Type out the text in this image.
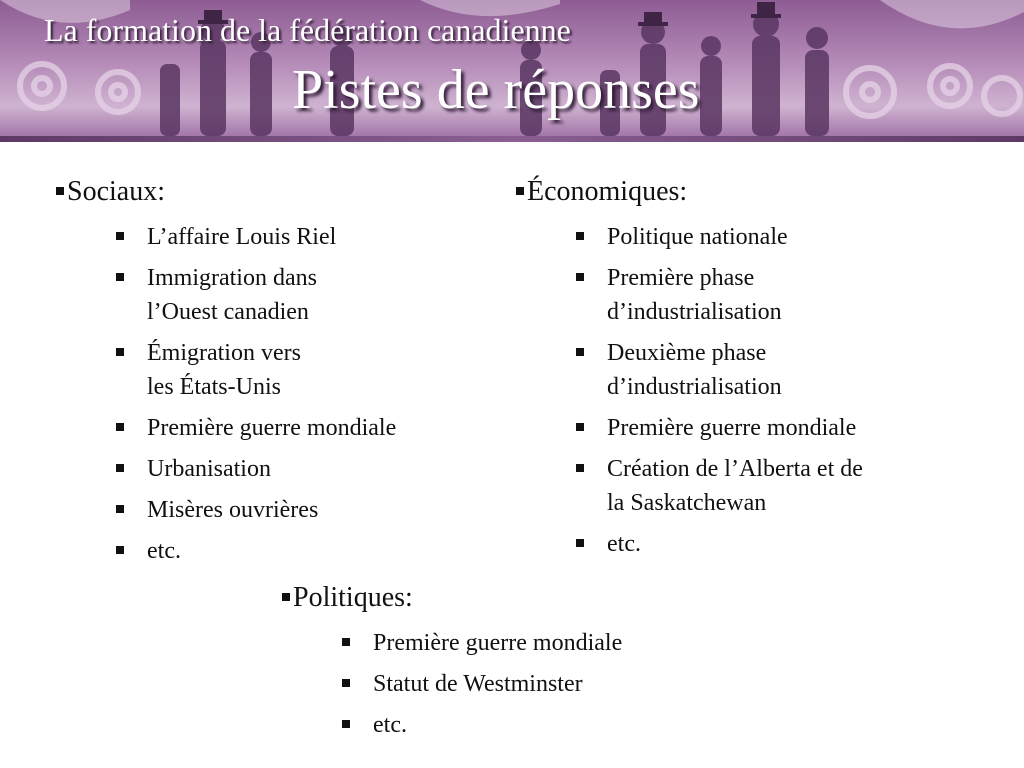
La formation de la fédération canadienne
Pistes de réponses
Sociaux:
L’affaire Louis Riel
Immigration dans
l’Ouest canadien
Émigration vers
les États-Unis
Première guerre mondiale
Urbanisation
Misères ouvrières
etc.
Économiques:
Politique nationale
Première phase
d’industrialisation
Deuxième phase
d’industrialisation
Première guerre mondiale
Création de l’Alberta et de
la Saskatchewan
etc.
Politiques:
Première guerre mondiale
Statut de Westminster
etc.
